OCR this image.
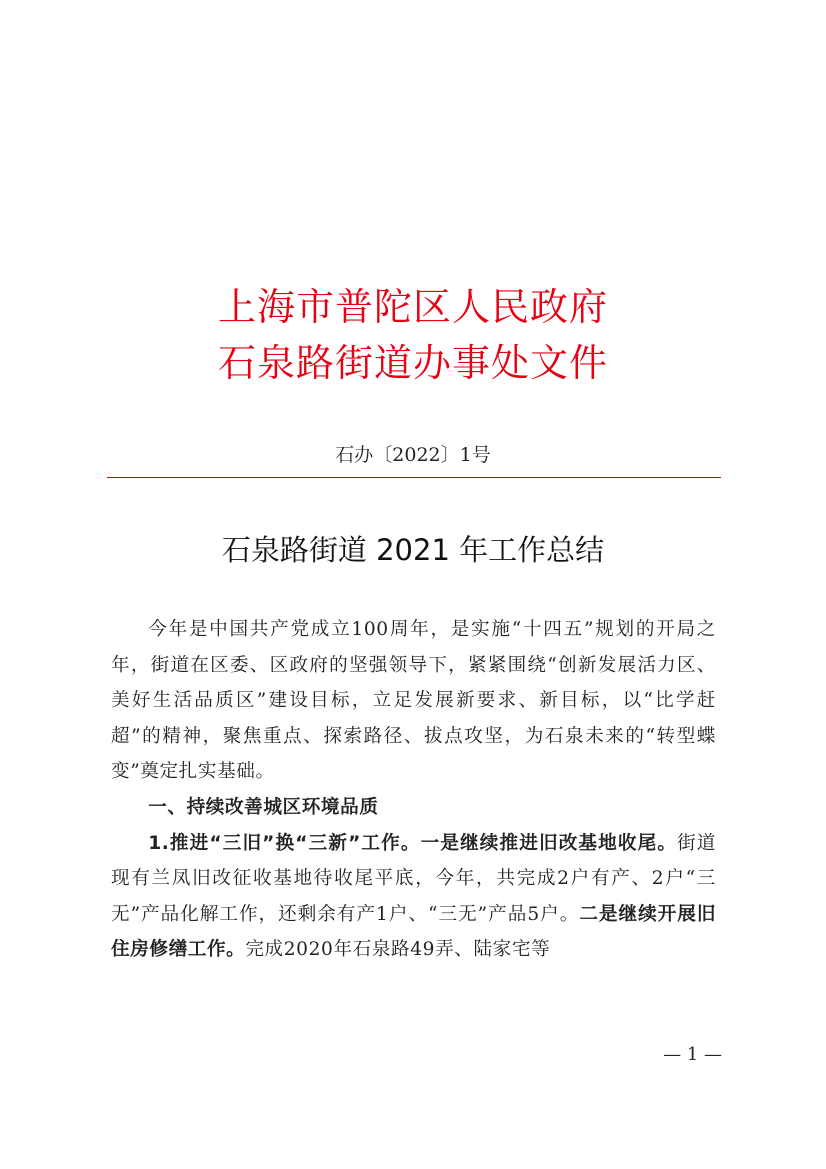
上海市普陀区人民政府
石泉路街道办事处文件
石办〔2022〕1号
石泉路街道 2021 年工作总结

今年是中国共产党成立100周年，是实施“十四五”规划的开局之年，街道在区委、区政府的坚强领导下，紧紧围绕“创新发展活力区、美好生活品质区”建设目标，立足发展新要求、新目标，以“比学赶超”的精神，聚焦重点、探索路径、拔点攻坚，为石泉未来的“转型蝶变”奠定扎实基础。

一、持续改善城区环境品质

1.推进“三旧”换“三新”工作。一是继续推进旧改基地收尾。街道现有兰凤旧改征收基地待收尾平底，今年，共完成2户有产、2户“三无”产品化解工作，还剩余有产1户、“三无”产品5户。二是继续开展旧住房修缮工作。完成2020年石泉路49弄、陆家宅等

— 1 —
